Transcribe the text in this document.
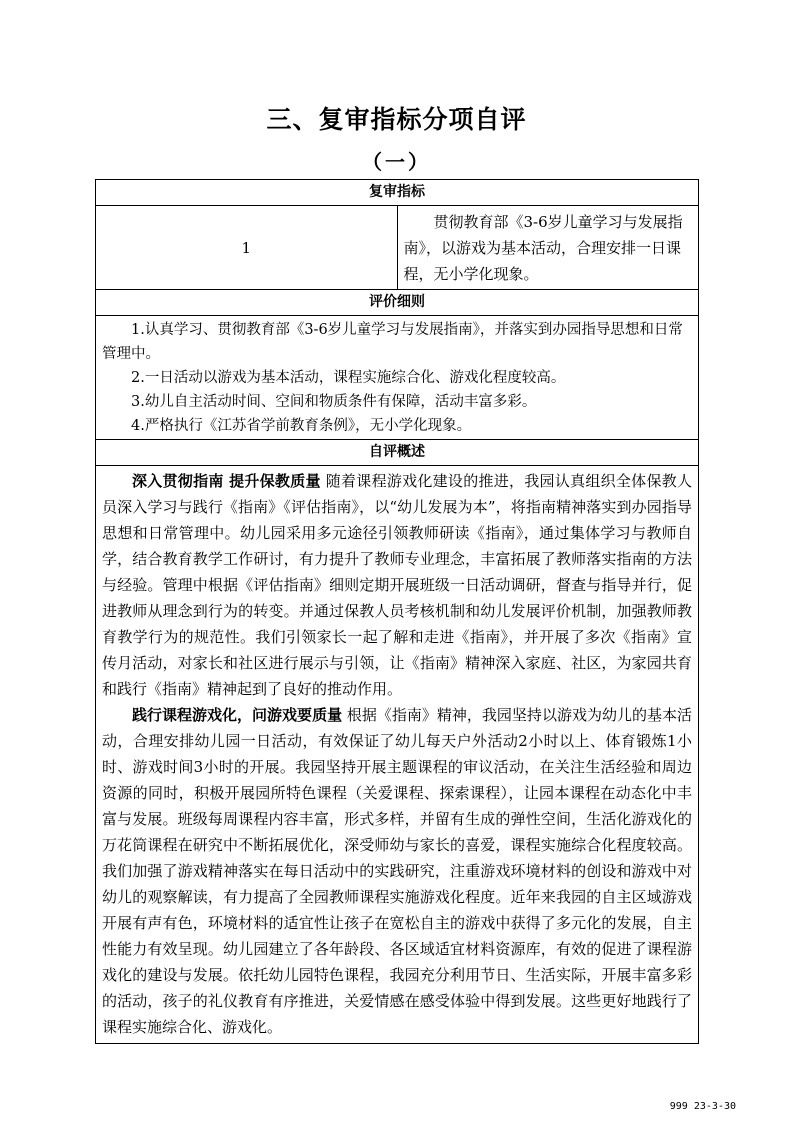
三、复审指标分项自评
（一）
复审指标
1	贯彻教育部《3-6岁儿童学习与发展指南》，以游戏为基本活动，合理安排一日课程，无小学化现象。
评价细则

1.认真学习、贯彻教育部《3-6岁儿童学习与发展指南》，并落实到办园指导思想和日常管理中。

2.一日活动以游戏为基本活动，课程实施综合化、游戏化程度较高。

3.幼儿自主活动时间、空间和物质条件有保障，活动丰富多彩。

4.严格执行《江苏省学前教育条例》，无小学化现象。

自评概述

深入贯彻指南 提升保教质量 随着课程游戏化建设的推进，我园认真组织全体保教人员深入学习与践行《指南》《评估指南》，以“幼儿发展为本”，将指南精神落实到办园指导思想和日常管理中。幼儿园采用多元途径引领教师研读《指南》，通过集体学习与教师自学，结合教育教学工作研讨，有力提升了教师专业理念，丰富拓展了教师落实指南的方法与经验。管理中根据《评估指南》细则定期开展班级一日活动调研，督查与指导并行，促进教师从理念到行为的转变。并通过保教人员考核机制和幼儿发展评价机制，加强教师教育教学行为的规范性。我们引领家长一起了解和走进《指南》，并开展了多次《指南》宣传月活动，对家长和社区进行展示与引领，让《指南》精神深入家庭、社区，为家园共育和践行《指南》精神起到了良好的推动作用。

践行课程游戏化，问游戏要质量 根据《指南》精神，我园坚持以游戏为幼儿的基本活动，合理安排幼儿园一日活动，有效保证了幼儿每天户外活动2小时以上、体育锻炼1小时、游戏时间3小时的开展。我园坚持开展主题课程的审议活动，在关注生活经验和周边资源的同时，积极开展园所特色课程（关爱课程、探索课程），让园本课程在动态化中丰富与发展。班级每周课程内容丰富，形式多样，并留有生成的弹性空间，生活化游戏化的万花筒课程在研究中不断拓展优化，深受师幼与家长的喜爱，课程实施综合化程度较高。我们加强了游戏精神落实在每日活动中的实践研究，注重游戏环境材料的创设和游戏中对幼儿的观察解读，有力提高了全园教师课程实施游戏化程度。近年来我园的自主区域游戏开展有声有色，环境材料的适宜性让孩子在宽松自主的游戏中获得了多元化的发展，自主性能力有效呈现。幼儿园建立了各年龄段、各区域适宜材料资源库，有效的促进了课程游戏化的建设与发展。依托幼儿园特色课程，我园充分利用节日、生活实际，开展丰富多彩的活动，孩子的礼仪教育有序推进，关爱情感在感受体验中得到发展。这些更好地践行了课程实施综合化、游戏化。

999 23-3-30
